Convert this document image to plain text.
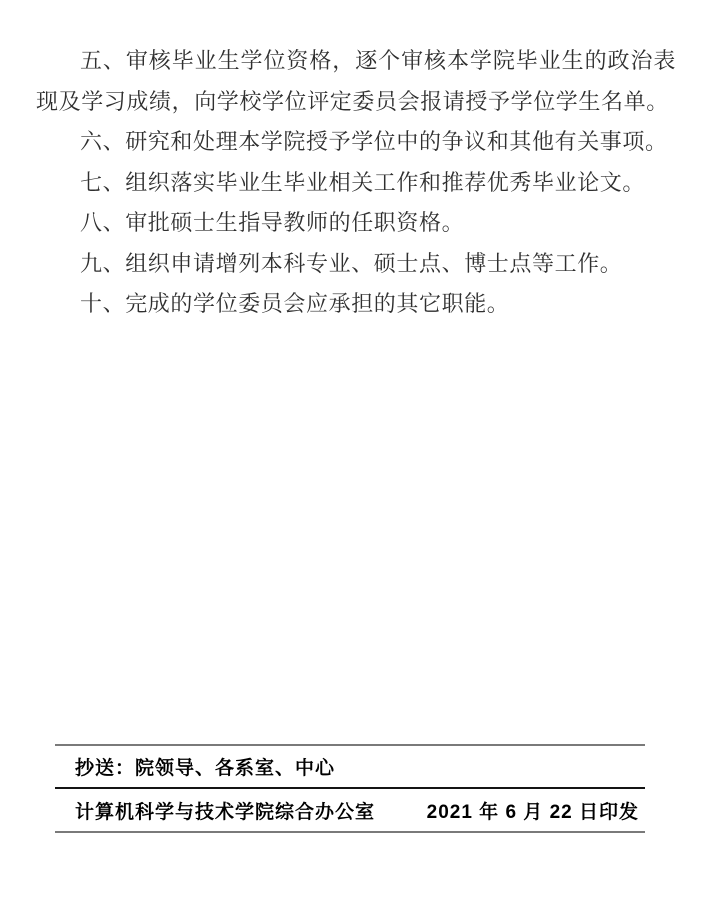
五、审核毕业生学位资格，逐个审核本学院毕业生的政治表现及学习成绩，向学校学位评定委员会报请授予学位学生名单。

六、研究和处理本学院授予学位中的争议和其他有关事项。

七、组织落实毕业生毕业相关工作和推荐优秀毕业论文。

八、审批硕士生指导教师的任职资格。

九、组织申请增列本科专业、硕士点、博士点等工作。

十、完成的学位委员会应承担的其它职能。

抄送：院领导、各系室、中心
计算机科学与技术学院综合办公室	2021 年 6 月 22 日印发
